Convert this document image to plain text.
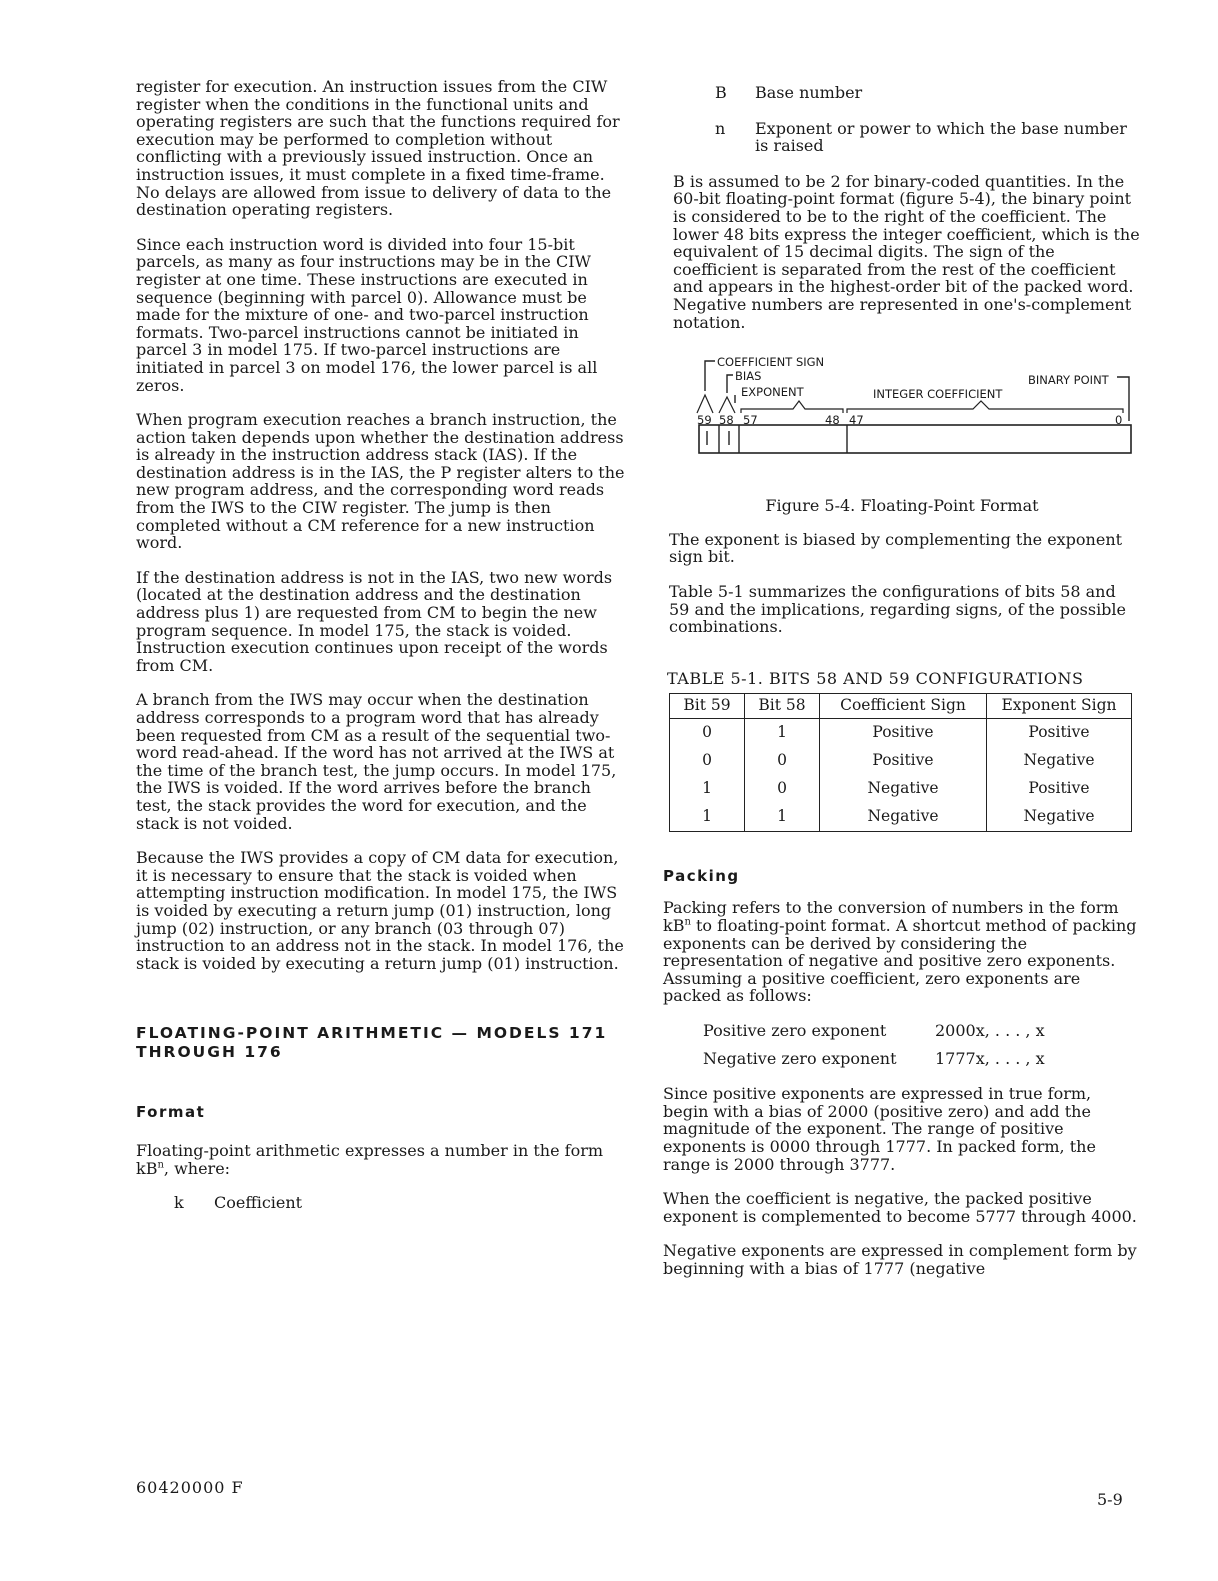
register for execution. An instruction issues from the CIW register when the conditions in the functional units and operating registers are such that the functions required for execution may be performed to completion without conflicting with a previously issued instruction. Once an instruction issues, it must complete in a fixed time-frame. No delays are allowed from issue to delivery of data to the destination operating registers.

Since each instruction word is divided into four 15-bit parcels, as many as four instructions may be in the CIW register at one time. These instructions are executed in sequence (beginning with parcel 0). Allowance must be made for the mixture of one- and two-parcel instruction formats. Two-parcel instructions cannot be initiated in parcel 3 in model 175. If two-parcel instructions are initiated in parcel 3 on model 176, the lower parcel is all zeros.

When program execution reaches a branch instruction, the action taken depends upon whether the destination address is already in the instruction address stack (IAS). If the destination address is in the IAS, the P register alters to the new program address, and the corresponding word reads from the IWS to the CIW register. The jump is then completed without a CM reference for a new instruction word.

If the destination address is not in the IAS, two new words (located at the destination address and the destination address plus 1) are requested from CM to begin the new program sequence. In model 175, the stack is voided. Instruction execution continues upon receipt of the words from CM.

A branch from the IWS may occur when the destination address corresponds to a program word that has already been requested from CM as a result of the sequential two-word read-ahead. If the word has not arrived at the IWS at the time of the branch test, the jump occurs. In model 175, the IWS is voided. If the word arrives before the branch test, the stack provides the word for execution, and the stack is not voided.

Because the IWS provides a copy of CM data for execution, it is necessary to ensure that the stack is voided when attempting instruction modification. In model 175, the IWS is voided by executing a return jump (01) instruction, long jump (02) instruction, or any branch (03 through 07) instruction to an address not in the stack. In model 176, the stack is voided by executing a return jump (01) instruction.

FLOATING-POINT ARITHMETIC — MODELS 171
THROUGH 176
Format

Floating-point arithmetic expresses a number in the form $kB^n$, where:

k	Coefficient
B	Base number
n	Exponent or power to which the base number is raised

B is assumed to be 2 for binary-coded quantities. In the 60-bit floating-point format (figure 5-4), the binary point is considered to be to the right of the coefficient. The lower 48 bits express the integer coefficient, which is the equivalent of 15 decimal digits. The sign of the coefficient is separated from the rest of the coefficient and appears in the highest-order bit of the packed word. Negative numbers are represented in one's-complement notation.

COEFFICIENT SIGN
BIAS
EXPONENT	INTEGER COEFFICIENT
BINARY POINT
59 58 57	48 47	0
Figure 5-4. Floating-Point Format

The exponent is biased by complementing the exponent sign bit.

Table 5-1 summarizes the configurations of bits 58 and 59 and the implications, regarding signs, of the possible combinations.

TABLE 5-1. BITS 58 AND 59 CONFIGURATIONS
Bit 59	Bit 58	Coefficient Sign	Exponent Sign
0	1	Positive	Positive
0	0	Positive	Negative
1	0	Negative	Positive
1	1	Negative	Negative
Packing

Packing refers to the conversion of numbers in the form $kB^n$ to floating-point format. A shortcut method of packing exponents can be derived by considering the representation of negative and positive zero exponents. Assuming a positive coefficient, zero exponents are packed as follows:

Positive zero exponent	2000x, . . . , x
Negative zero exponent	1777x, . . . , x

Since positive exponents are expressed in true form, begin with a bias of 2000 (positive zero) and add the magnitude of the exponent. The range of positive exponents is 0000 through 1777. In packed form, the range is 2000 through 3777.

When the coefficient is negative, the packed positive exponent is complemented to become 5777 through 4000.

Negative exponents are expressed in complement form by beginning with a bias of 1777 (negative

60420000 F
5-9
